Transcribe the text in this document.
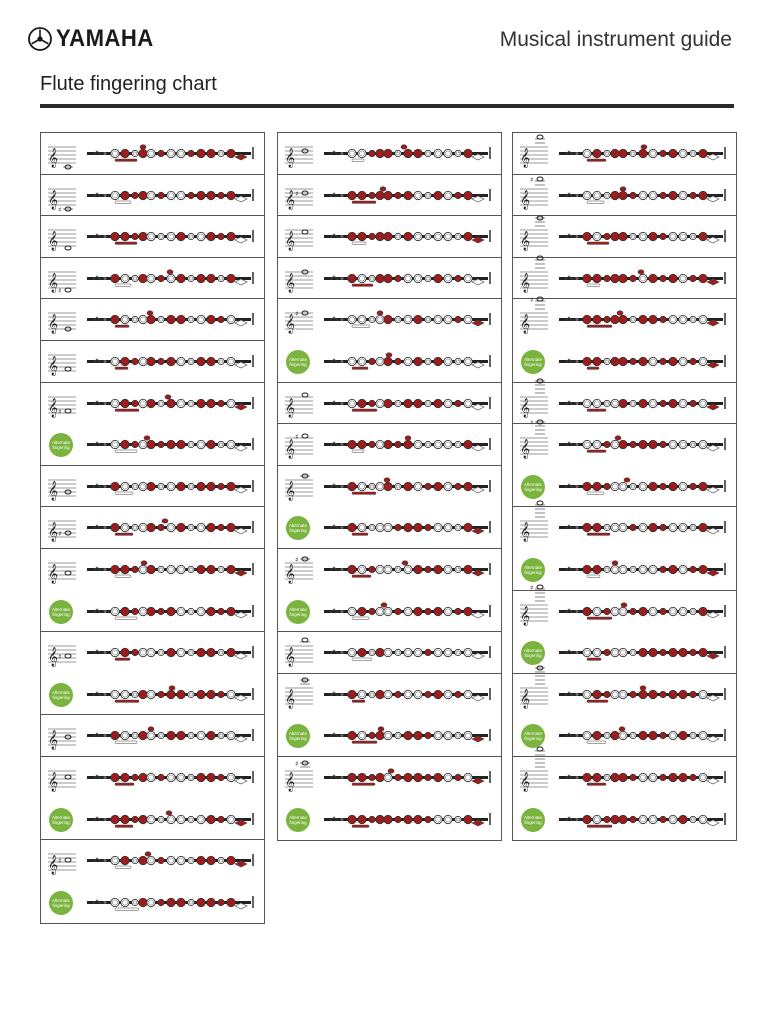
YAMAHA	Musical instrument guide
Flute fingering chart
𝄞
𝄞 ♯
𝄞
𝄞 ♯
𝄞
𝄞
𝄞 ♯
Alternate
fingering
𝄞
𝄞 ♯
𝄞
Alternate
fingering
𝄞 ♯
Alternate
fingering
𝄞
𝄞
Alternate
fingering
𝄞 ♯
Alternate
fingering
𝄞
𝄞 ♯
𝄞
𝄞
𝄞 ♯
Alternate
fingering
𝄞
𝄞
♯
𝄞
Alternate
fingering
𝄞
♯
Alternate
fingering
𝄞
𝄞
Alternate
fingering
𝄞
♯
Alternate
fingering
𝄞
𝄞
♯
𝄞
𝄞
𝄞
♯
Alternate
fingering
𝄞
𝄞
♯
Alternate
fingering
𝄞
Alternate
fingering
𝄞
♯
Alternate
fingering
𝄞
Alternate
fingering
𝄞
Alternate
fingering
